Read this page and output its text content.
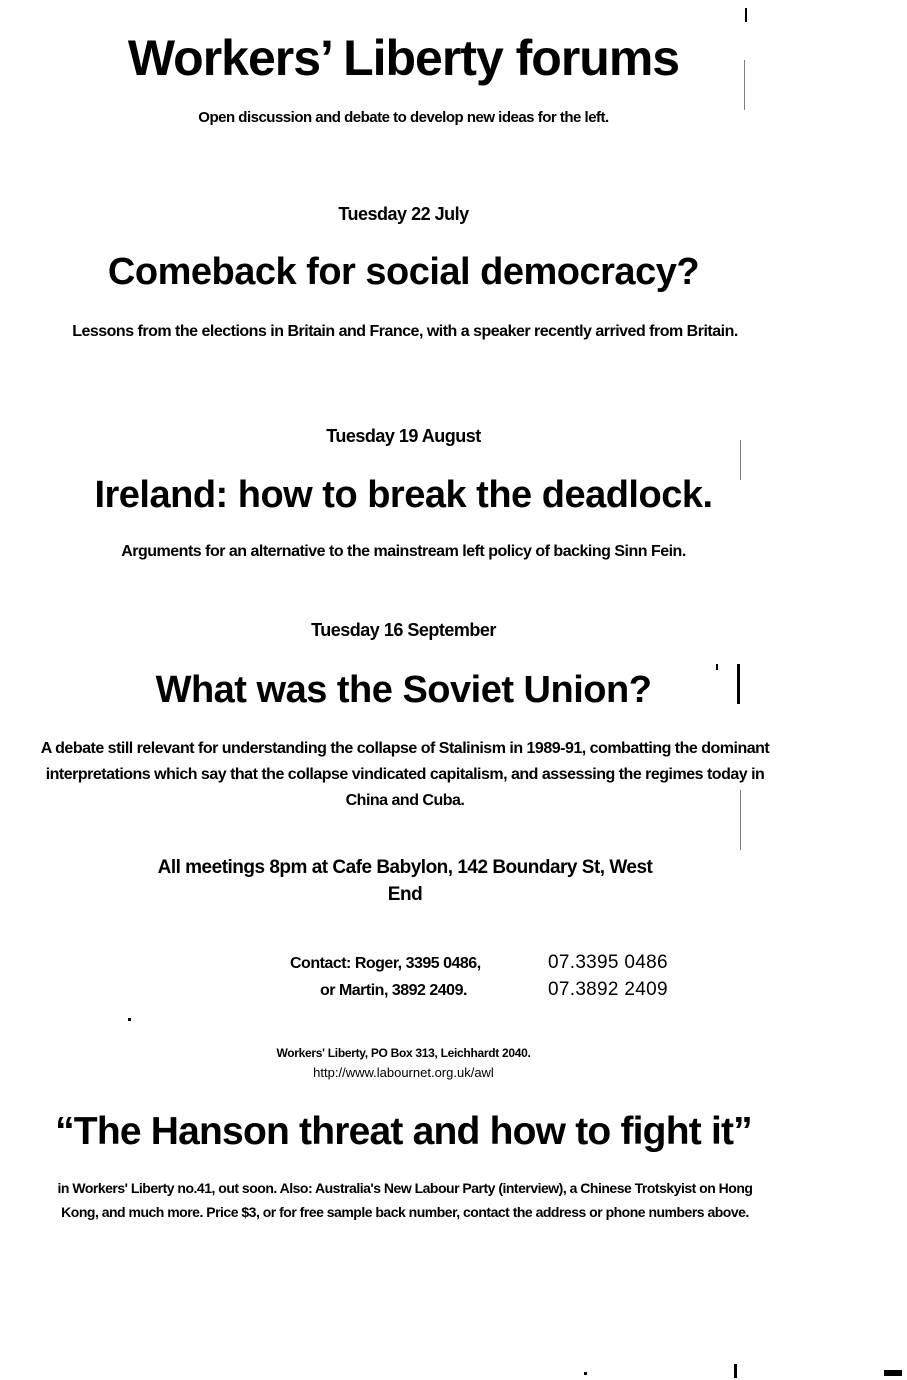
Workers’ Liberty forums

Open discussion and debate to develop new ideas for the left.

Tuesday 22 July

Comeback for social democracy?

Lessons from the elections in Britain and France, with a speaker recently arrived from Britain.

Tuesday 19 August

Ireland: how to break the deadlock.

Arguments for an alternative to the mainstream left policy of backing Sinn Fein.

Tuesday 16 September

What was the Soviet Union?

A debate still relevant for understanding the collapse of Stalinism in 1989-91, combatting the dominant interpretations which say that the collapse vindicated capitalism, and assessing the regimes today in China and Cuba.

All meetings 8pm at Cafe Babylon, 142 Boundary St, West End

Contact: Roger, 3395 0486,	07.3395 0486
or Martin, 3892 2409.	07.3892 2409

Workers' Liberty, PO Box 313, Leichhardt 2040.

http://www.labournet.org.uk/awl

“The Hanson threat and how to fight it”

in Workers' Liberty no.41, out soon. Also: Australia's New Labour Party (interview), a Chinese Trotskyist on Hong Kong, and much more. Price $3, or for free sample back number, contact the address or phone numbers above.
